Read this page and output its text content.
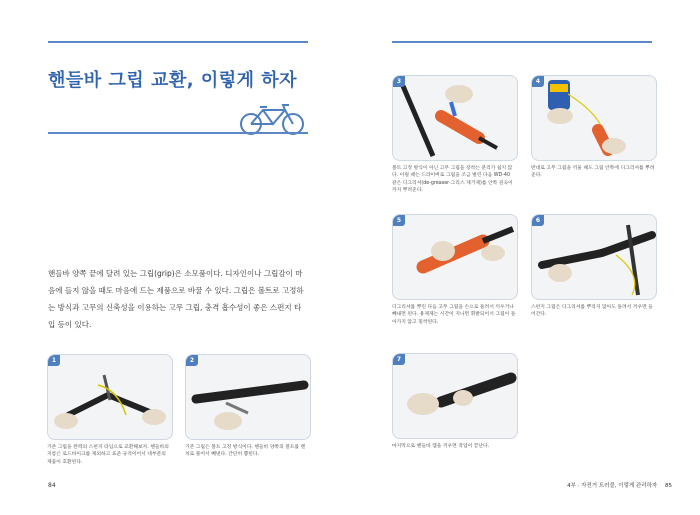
핸들바 그립 교환, 이렇게 하자
핸들바 양쪽 끝에 달려 있는 그립(grip)은 소모품이다. 디자인이나 그립감이 마음에 들지 않을 때도 마음에 드는 제품으로 바꿀 수 있다. 그립은 볼트로 고정하는 방식과 고무의 신축성을 이용하는 고무 그립, 충격 흡수성이 좋은 스펀지 타입 등이 있다.
1
기존 그립을 완력의 스펀지 타입으로 교환해보자. 핸들바의 지름은 로드바이크를 제외하고 표준 규격이어서 대부분의 제품이 호환된다.
2
기존 그립은 볼트 고정 방식이다. 핸들바 양쪽의 볼트를 렌치로 풀어서 빼낸다. 간단히 뽑힌다.
84
3
볼트 고정 방식이 아닌 고무 그립을 장착는 분리가 쉽지 않다. 이럴 때는 드라이버로 그립을 조금 벌린 다음 WD-40 같은 디그리셔(de-greaser·그리스 제거제)를 안쪽 깊숙이까지 뿌려준다.
4
반대로 고무 그립을 끼울 때도 그립 안쪽에 디그리셔를 뿌려준다.
5
디그리셔를 뿌린 다음 고무 그립을 손으로 돌려서 끼우거나 빼내면 된다. 용제제는 시간이 지나면 휘발되어서 그립이 돌아가지 않고 밀착된다.
6
스펀지 그립은 디그리셔를 뿌리지 않아도 돌려서 끼우면 들어간다.
7
마지막으로 핸들바 캡을 끼우면 작업이 끝난다.
4부 · 자전거 트러블, 이렇게 관리하자 85
